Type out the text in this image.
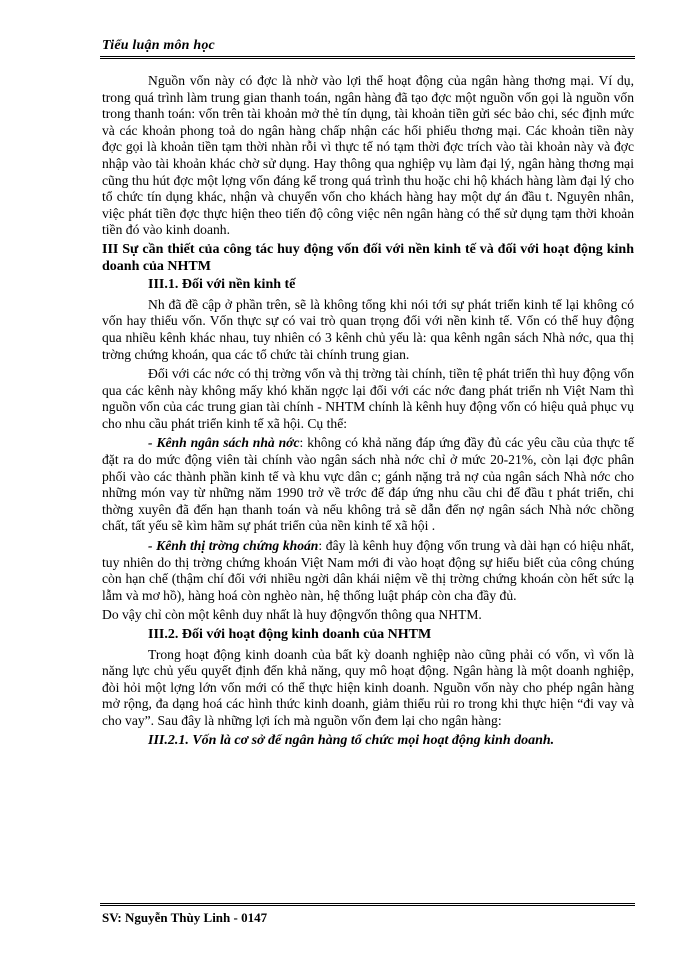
Tiểu luận môn học

Nguồn vốn này có đợc là nhờ vào lợi thế hoạt động của ngân hàng thơng mại. Ví dụ, trong quá trình làm trung gian thanh toán, ngân hàng đã tạo đợc một nguồn vốn gọi là nguồn vốn trong thanh toán: vốn trên tài khoản mở thẻ tín dụng, tài khoản tiền gửi séc bảo chi, séc định mức và các khoản phong toả do ngân hàng chấp nhận các hối phiếu thơng mại. Các khoản tiền này đợc gọi là khoản tiền tạm thời nhàn rỗi vì thực tế nó tạm thời đợc trích vào tài khoản này và đợc nhập vào tài khoản khác chờ sử dụng. Hay thông qua nghiệp vụ làm đại lý, ngân hàng thơng mại cũng thu hút đợc một lợng vốn đáng kể trong quá trình thu hoặc chi hộ khách hàng làm đại lý cho tổ chức tín dụng khác, nhận và chuyển vốn cho khách hàng hay một dự án đầu t. Nguyên nhân, việc phát tiền đợc thực hiện theo tiến độ công việc nên ngân hàng có thể sử dụng tạm thời khoản tiền đó vào kinh doanh.

III Sự cần thiết của công tác huy động vốn đối với nền kinh tế và đối với hoạt động kinh doanh của NHTM

III.1. Đối với nền kinh tế

Nh đã đề cập ở phần trên, sẽ là không tổng khi nói tới sự phát triển kinh tế lại không có vốn hay thiếu vốn. Vốn thực sự có vai trò quan trọng đối với nền kinh tế. Vốn có thể huy động qua nhiều kênh khác nhau, tuy nhiên có 3 kênh chủ yếu là: qua kênh ngân sách Nhà nớc, qua thị trờng chứng khoán, qua các tổ chức tài chính trung gian.

Đối với các nớc có thị trờng vốn và thị trờng tài chính, tiền tệ phát triển thì huy động vốn qua các kênh này không mấy khó khăn ngợc lại đối với các nớc đang phát triển nh Việt Nam thì nguồn vốn của các trung gian tài chính - NHTM chính là kênh huy động vốn có hiệu quả phục vụ cho nhu cầu phát triển kinh tế xã hội. Cụ thể:

- Kênh ngân sách nhà nớc: không có khả năng đáp ứng đầy đủ các yêu cầu của thực tế đặt ra do mức động viên tài chính vào ngân sách nhà nớc chỉ ở mức 20-21%, còn lại đợc phân phối vào các thành phần kinh tế và khu vực dân c; gánh nặng trả nợ của ngân sách Nhà nớc cho những món vay từ những năm 1990 trở về trớc để đáp ứng nhu cầu chi để đầu t phát triển, chi thờng xuyên đã đến hạn thanh toán và nếu không trả sẽ dẫn đến nợ ngân sách Nhà nớc chồng chất, tất yếu sẽ kìm hãm sự phát triển của nền kinh tế xã hội .

- Kênh thị trờng chứng khoán: đây là kênh huy động vốn trung và dài hạn có hiệu nhất, tuy nhiên do thị trờng chứng khoán Việt Nam mới đi vào hoạt động sự hiểu biết của công chúng còn hạn chế (thậm chí đối với nhiều ngời dân khái niệm về thị trờng chứng khoán còn hết sức lạ lẫm và mơ hồ), hàng hoá còn nghèo nàn, hệ thống luật pháp còn cha đầy đủ.

Do vậy chỉ còn một kênh duy nhất là huy độngvốn thông qua NHTM.

III.2. Đối với hoạt động kinh doanh của NHTM

Trong hoạt động kinh doanh của bất kỳ doanh nghiệp nào cũng phải có vốn, vì vốn là năng lực chủ yếu quyết định đến khả năng, quy mô hoạt động. Ngân hàng là một doanh nghiệp, đòi hỏi một lợng lớn vốn mới có thể thực hiện kinh doanh. Nguồn vốn này cho phép ngân hàng mở rộng, đa dạng hoá các hình thức kinh doanh, giảm thiểu rủi ro trong khi thực hiện “đi vay và cho vay”. Sau đây là những lợi ích mà nguồn vốn đem lại cho ngân hàng:

III.2.1. Vốn là cơ sở để ngân hàng tổ chức mọi hoạt động kinh doanh.

SV: Nguyễn Thùy Linh - 0147
